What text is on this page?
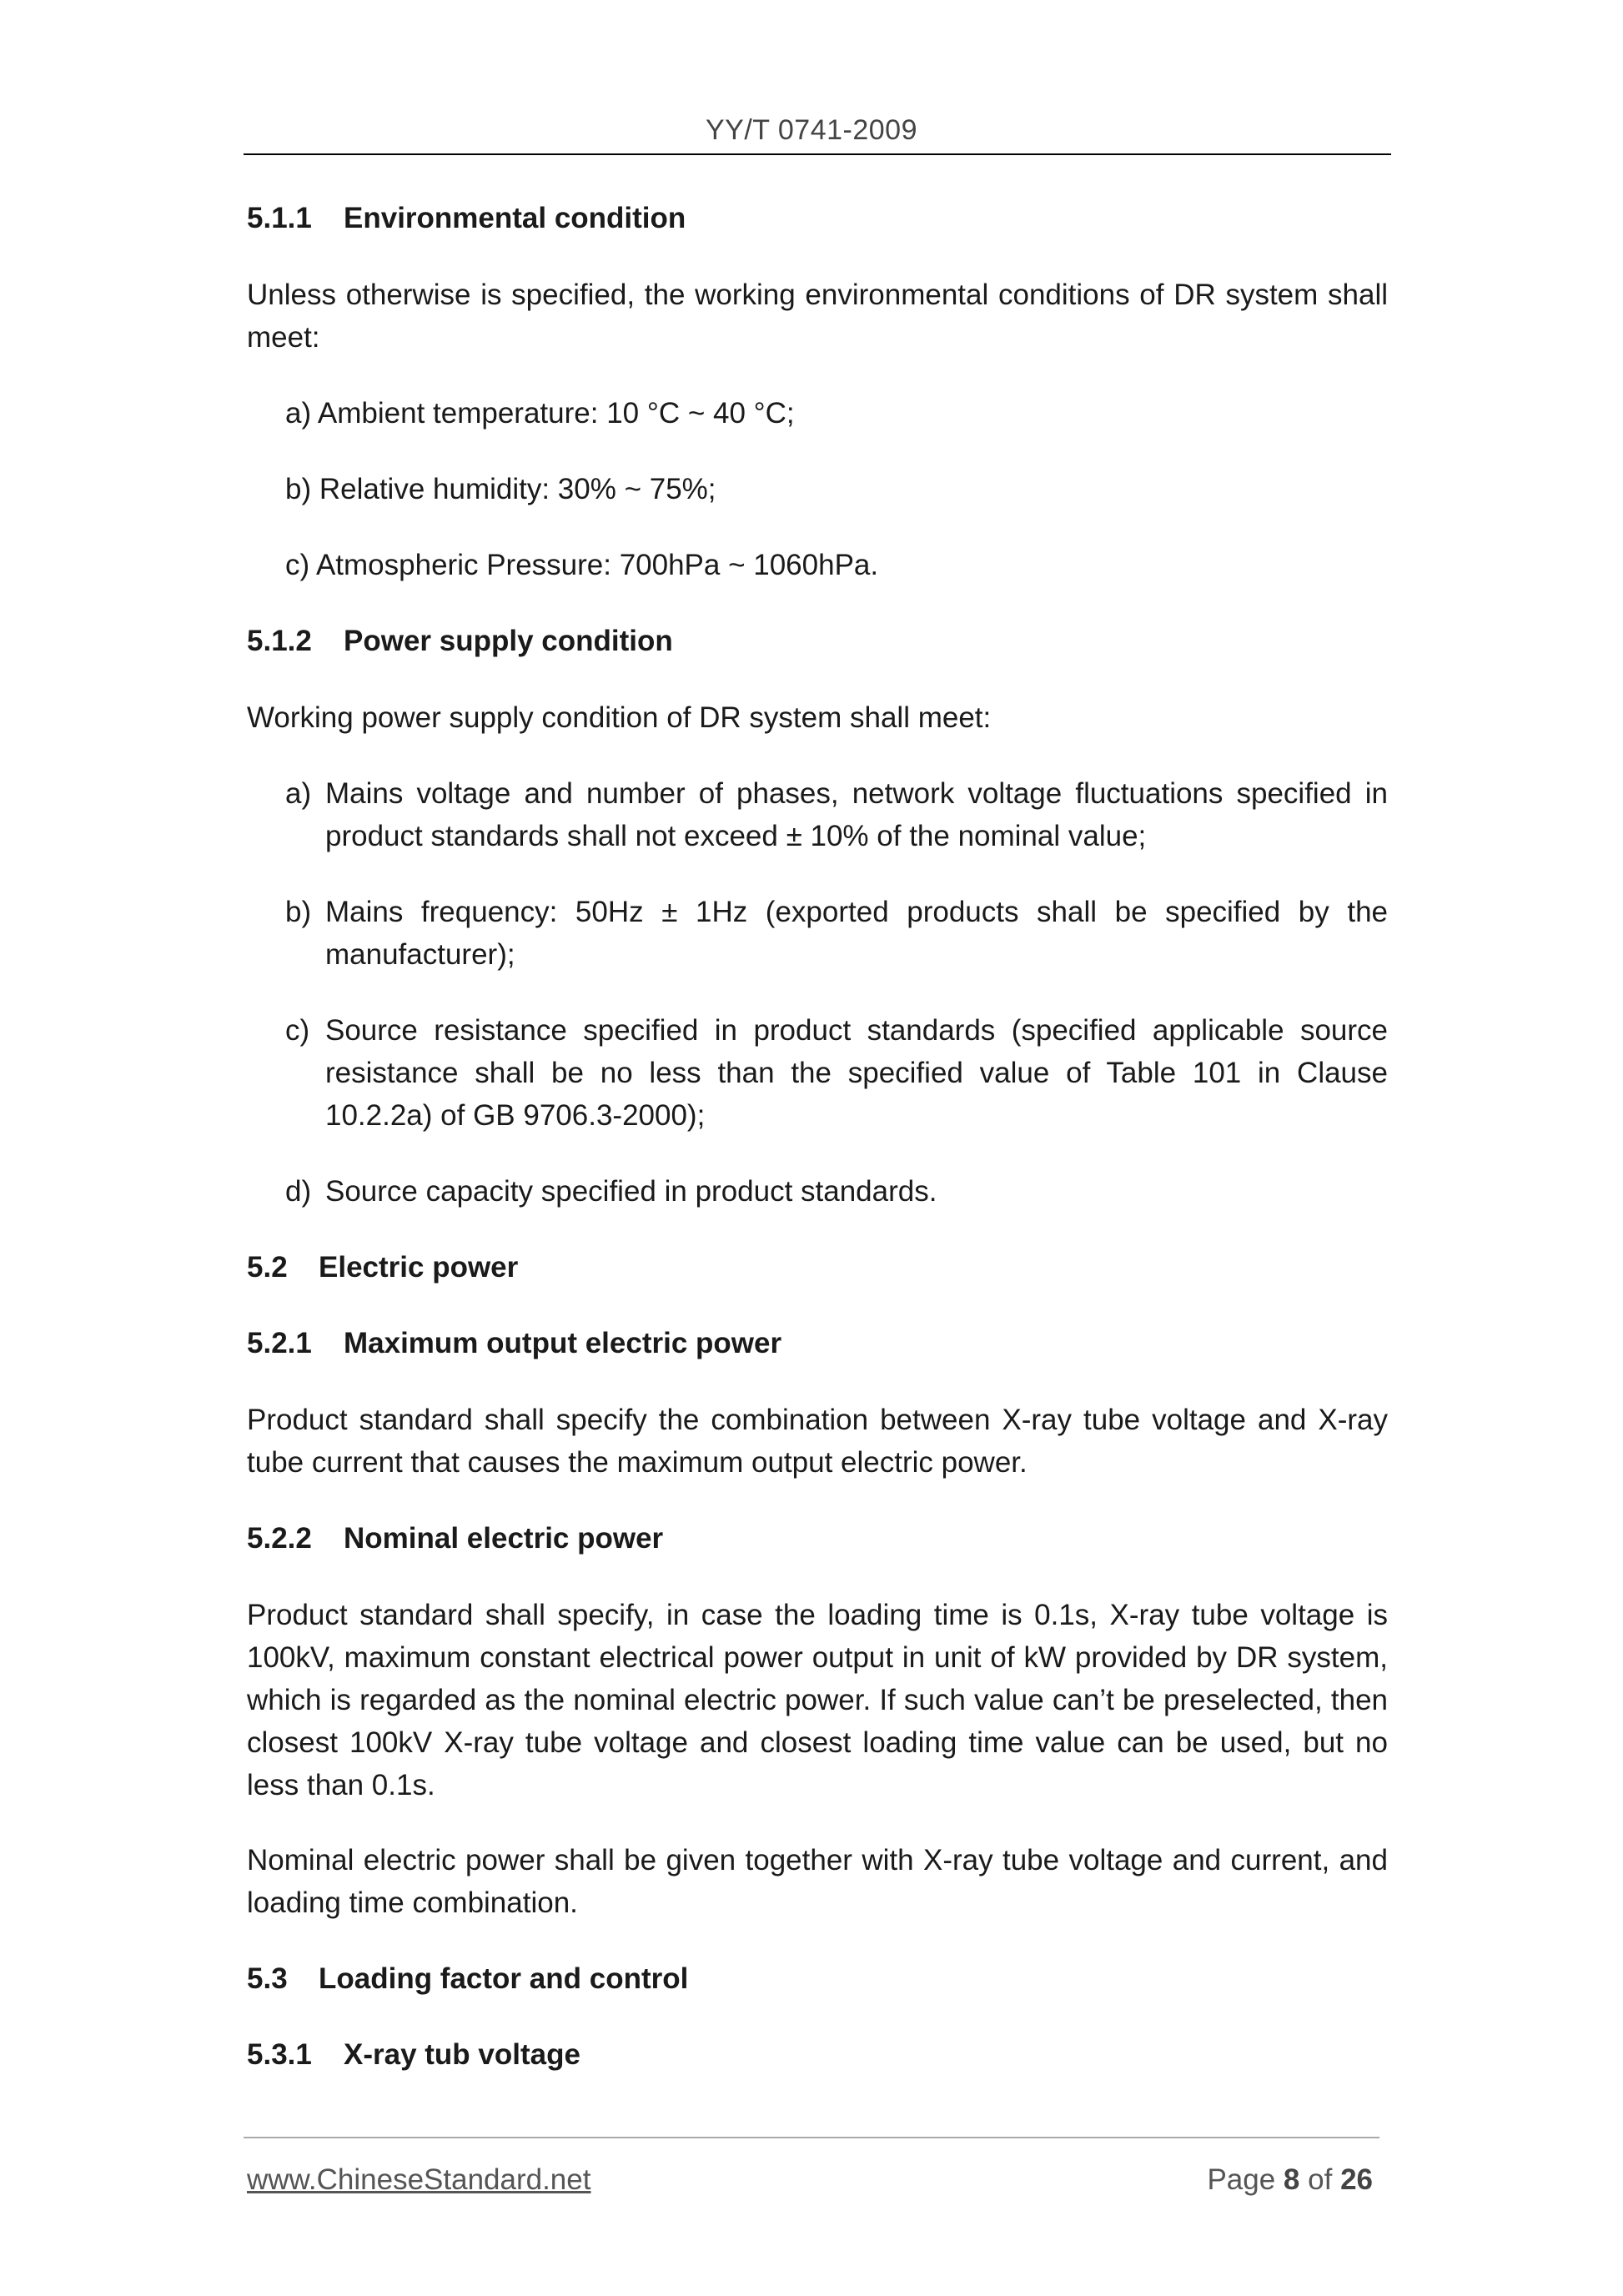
YY/T 0741-2009
5.1.1 Environmental condition
Unless otherwise is specified, the working environmental conditions of DR system shall meet:
a) Ambient temperature: 10 °C ~ 40 °C;
b) Relative humidity: 30% ~ 75%;
c) Atmospheric Pressure: 700hPa ~ 1060hPa.
5.1.2 Power supply condition
Working power supply condition of DR system shall meet:
a) Mains voltage and number of phases, network voltage fluctuations specified in product standards shall not exceed ± 10% of the nominal value;
b) Mains frequency: 50Hz ± 1Hz (exported products shall be specified by the manufacturer);
c) Source resistance specified in product standards (specified applicable source resistance shall be no less than the specified value of Table 101 in Clause 10.2.2a) of GB 9706.3-2000);
d) Source capacity specified in product standards.
5.2 Electric power
5.2.1 Maximum output electric power
Product standard shall specify the combination between X-ray tube voltage and X-ray tube current that causes the maximum output electric power.
5.2.2 Nominal electric power
Product standard shall specify, in case the loading time is 0.1s, X-ray tube voltage is 100kV, maximum constant electrical power output in unit of kW provided by DR system, which is regarded as the nominal electric power. If such value can’t be preselected, then closest 100kV X-ray tube voltage and closest loading time value can be used, but no less than 0.1s.
Nominal electric power shall be given together with X-ray tube voltage and current, and loading time combination.
5.3 Loading factor and control
5.3.1 X-ray tub voltage
www.ChineseStandard.net	Page 8 of 26
